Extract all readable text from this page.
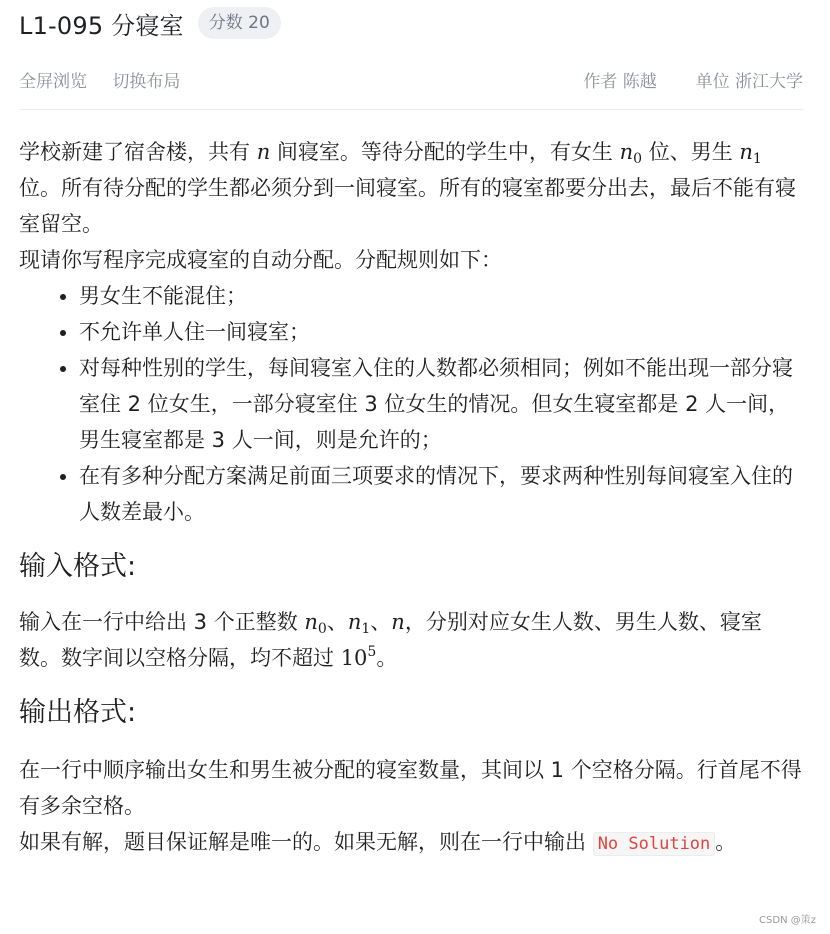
L1-095 分寝室	分数 20
全屏浏览 切换布局	作者 陈越 单位 浙江大学

学校新建了宿舍楼，共有 n 间寝室。等待分配的学生中，有女生 $n_0$ 位、男生 $n_1$ 位。所有待分配的学生都必须分到一间寝室。所有的寝室都要分出去，最后不能有寝室留空。

现请你写程序完成寝室的自动分配。分配规则如下：

• 男女生不能混住；
• 不允许单人住一间寝室；
• 对每种性别的学生，每间寝室入住的人数都必须相同；例如不能出现一部分寝室住 2 位女生，一部分寝室住 3 位女生的情况。但女生寝室都是 2 人一间，男生寝室都是 3 人一间，则是允许的；
• 在有多种分配方案满足前面三项要求的情况下，要求两种性别每间寝室入住的人数差最小。
输入格式:

输入在一行中给出 3 个正整数 $n_0$、$n_1$、n，分别对应女生人数、男生人数、寝室数。数字间以空格分隔，均不超过 $10^5$。

输出格式:

在一行中顺序输出女生和男生被分配的寝室数量，其间以 1 个空格分隔。行首尾不得有多余空格。

如果有解，题目保证解是唯一的。如果无解，则在一行中输出 No Solution 。

CSDN @策z
